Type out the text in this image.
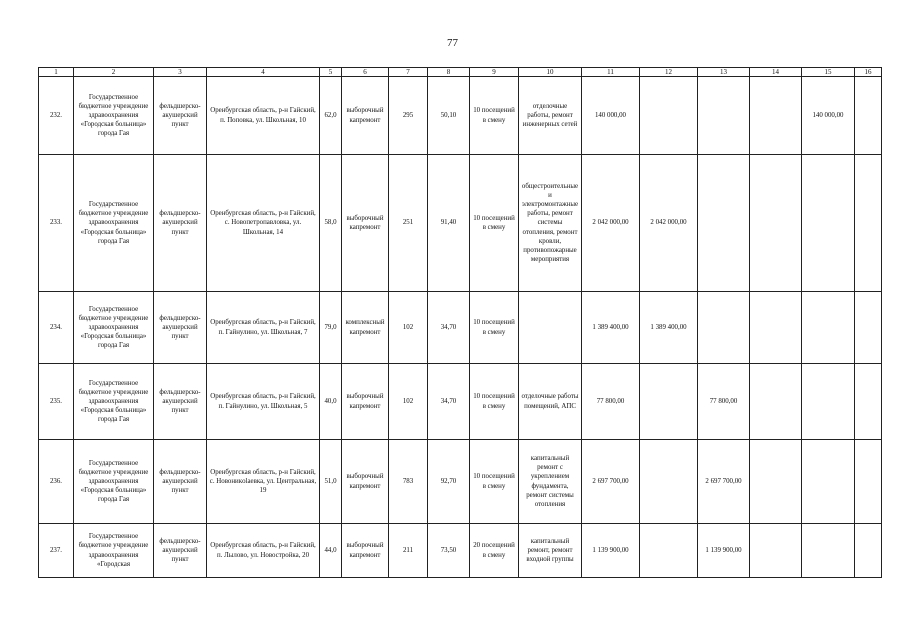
77
1	2	3	4	5	6	7	8	9	10	11	12	13	14	15	16
232.	Государственное бюджетное учреждение здравоохранения «Городская больница» города Гая	фельдшерско-акушерский пункт	Оренбургская область, р-н Гайский, п. Поповка, ул. Школьная, 10	62,0	выборочный капремонт	295	50,10	10 посещений в смену	отделочные работы, ремонт инженерных сетей	140 000,00				140 000,00	
233.	Государственное бюджетное учреждение здравоохранения «Городская больница» города Гая	фельдшерско-акушерский пункт	Оренбургская область, р-н Гайский, с. Новопетропавловка, ул. Школьная, 14	58,0	выборочный капремонт	251	91,40	10 посещений в смену	общестроительные и электромонтажные работы, ремонт системы отопления, ремонт кровли, противопожарные мероприятия	2 042 000,00	2 042 000,00				
234.	Государственное бюджетное учреждение здравоохранения «Городская больница» города Гая	фельдшерско-акушерский пункт	Оренбургская область, р-н Гайский, п. Гайнулино, ул. Школьная, 7	79,0	комплексный капремонт	102	34,70	10 посещений в смену		1 389 400,00	1 389 400,00				
235.	Государственное бюджетное учреждение здравоохранения «Городская больница» города Гая	фельдшерско-акушерский пункт	Оренбургская область, р-н Гайский, п. Гайнулино, ул. Школьная, 5	40,0	выборочный капремонт	102	34,70	10 посещений в смену	отделочные работы помещений, АПС	77 800,00		77 800,00			
236.	Государственное бюджетное учреждение здравоохранения «Городская больница» города Гая	фельдшерско-акушерский пункт	Оренбургская область, р-н Гайский, с. Новоникolaевка, ул. Центральная, 19	51,0	выборочный капремонт	783	92,70	10 посещений в смену	капитальный ремонт с укреплением фундамента, ремонт системы отопления	2 697 700,00		2 697 700,00			
237.	Государственное бюджетное учреждение здравоохранения «Городская	фельдшерско-акушерский пункт	Оренбургская область, р-н Гайский, п. Лылово, ул. Новостройка, 20	44,0	выборочный капремонт	211	73,50	20 посещений в смену	капитальный ремонт, ремонт входной группы	1 139 900,00		1 139 900,00			
